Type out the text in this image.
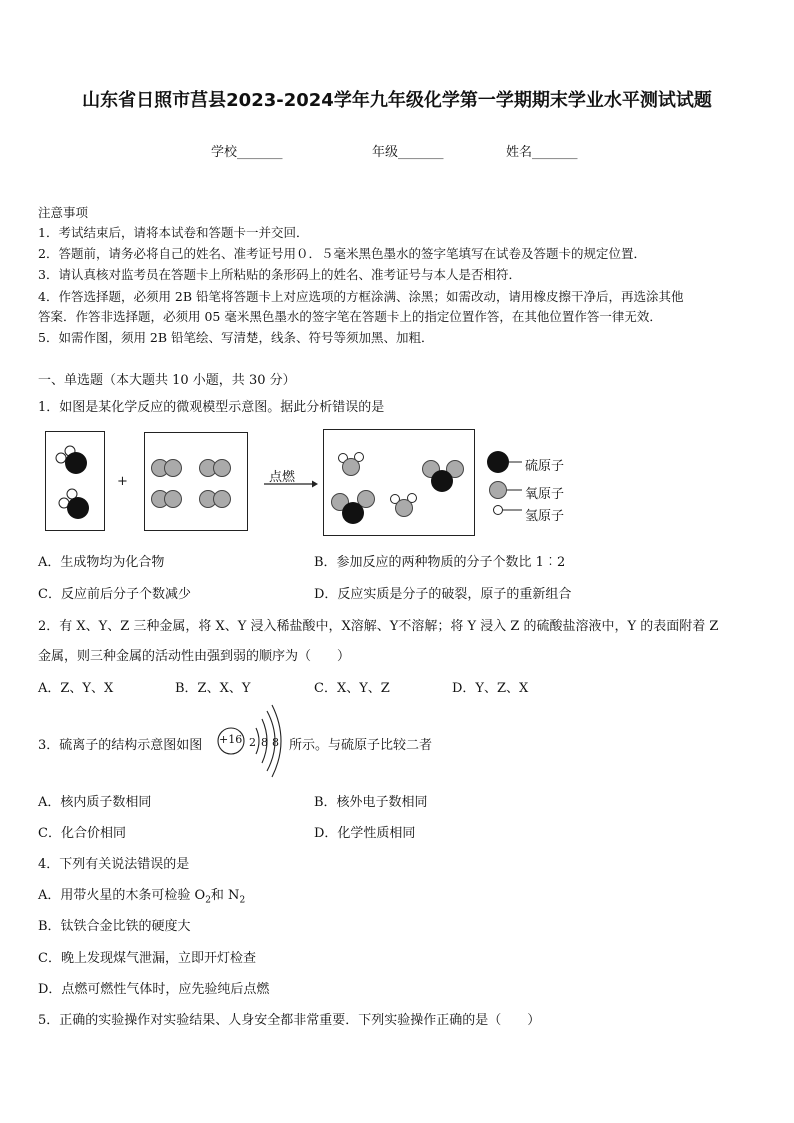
山东省日照市莒县2023-2024学年九年级化学第一学期期末学业水平测试试题
学校_______	年级_______	姓名_______
注意事项
1．考试结束后，请将本试卷和答题卡一并交回．
2．答题前，请务必将自己的姓名、准考证号用０．５毫米黑色墨水的签字笔填写在试卷及答题卡的规定位置．
3．请认真核对监考员在答题卡上所粘贴的条形码上的姓名、准考证号与本人是否相符．
4．作答选择题，必须用 2B 铅笔将答题卡上对应选项的方框涂满、涂黑；如需改动，请用橡皮擦干净后，再选涂其他
答案．作答非选择题，必须用 05 毫米黑色墨水的签字笔在答题卡上的指定位置作答，在其他位置作答一律无效．
5．如需作图，须用 2B 铅笔绘、写清楚，线条、符号等须加黑、加粗．
一、单选题（本大题共 10 小题，共 30 分）
1．如图是某化学反应的微观模型示意图。据此分析错误的是
+	点燃
硫原子
氧原子
氢原子
A．生成物均为化合物	B．参加反应的两种物质的分子个数比 1︰2
C．反应前后分子个数减少	D．反应实质是分子的破裂，原子的重新组合
2．有 X、Y、Z 三种金属，将 X、Y 浸入稀盐酸中，X溶解、Y不溶解；将 Y 浸入 Z 的硫酸盐溶液中，Y 的表面附着 Z
金属，则三种金属的活动性由强到弱的顺序为（　　）
A．Z、Y、X	B．Z、X、Y	C．X、Y、Z	D．Y、Z、X
3．硫离子的结构示意图如图 +16 2 8 8 所示。与硫原子比较二者
A．核内质子数相同	B．核外电子数相同
C．化合价相同	D．化学性质相同
4．下列有关说法错误的是
A．用带火星的木条可检验 $O_2$和 $N_2$
B．钛铁合金比铁的硬度大
C．晚上发现煤气泄漏，立即开灯检查
D．点燃可燃性气体时，应先验纯后点燃
5．正确的实验操作对实验结果、人身安全都非常重要．下列实验操作正确的是（　　）
